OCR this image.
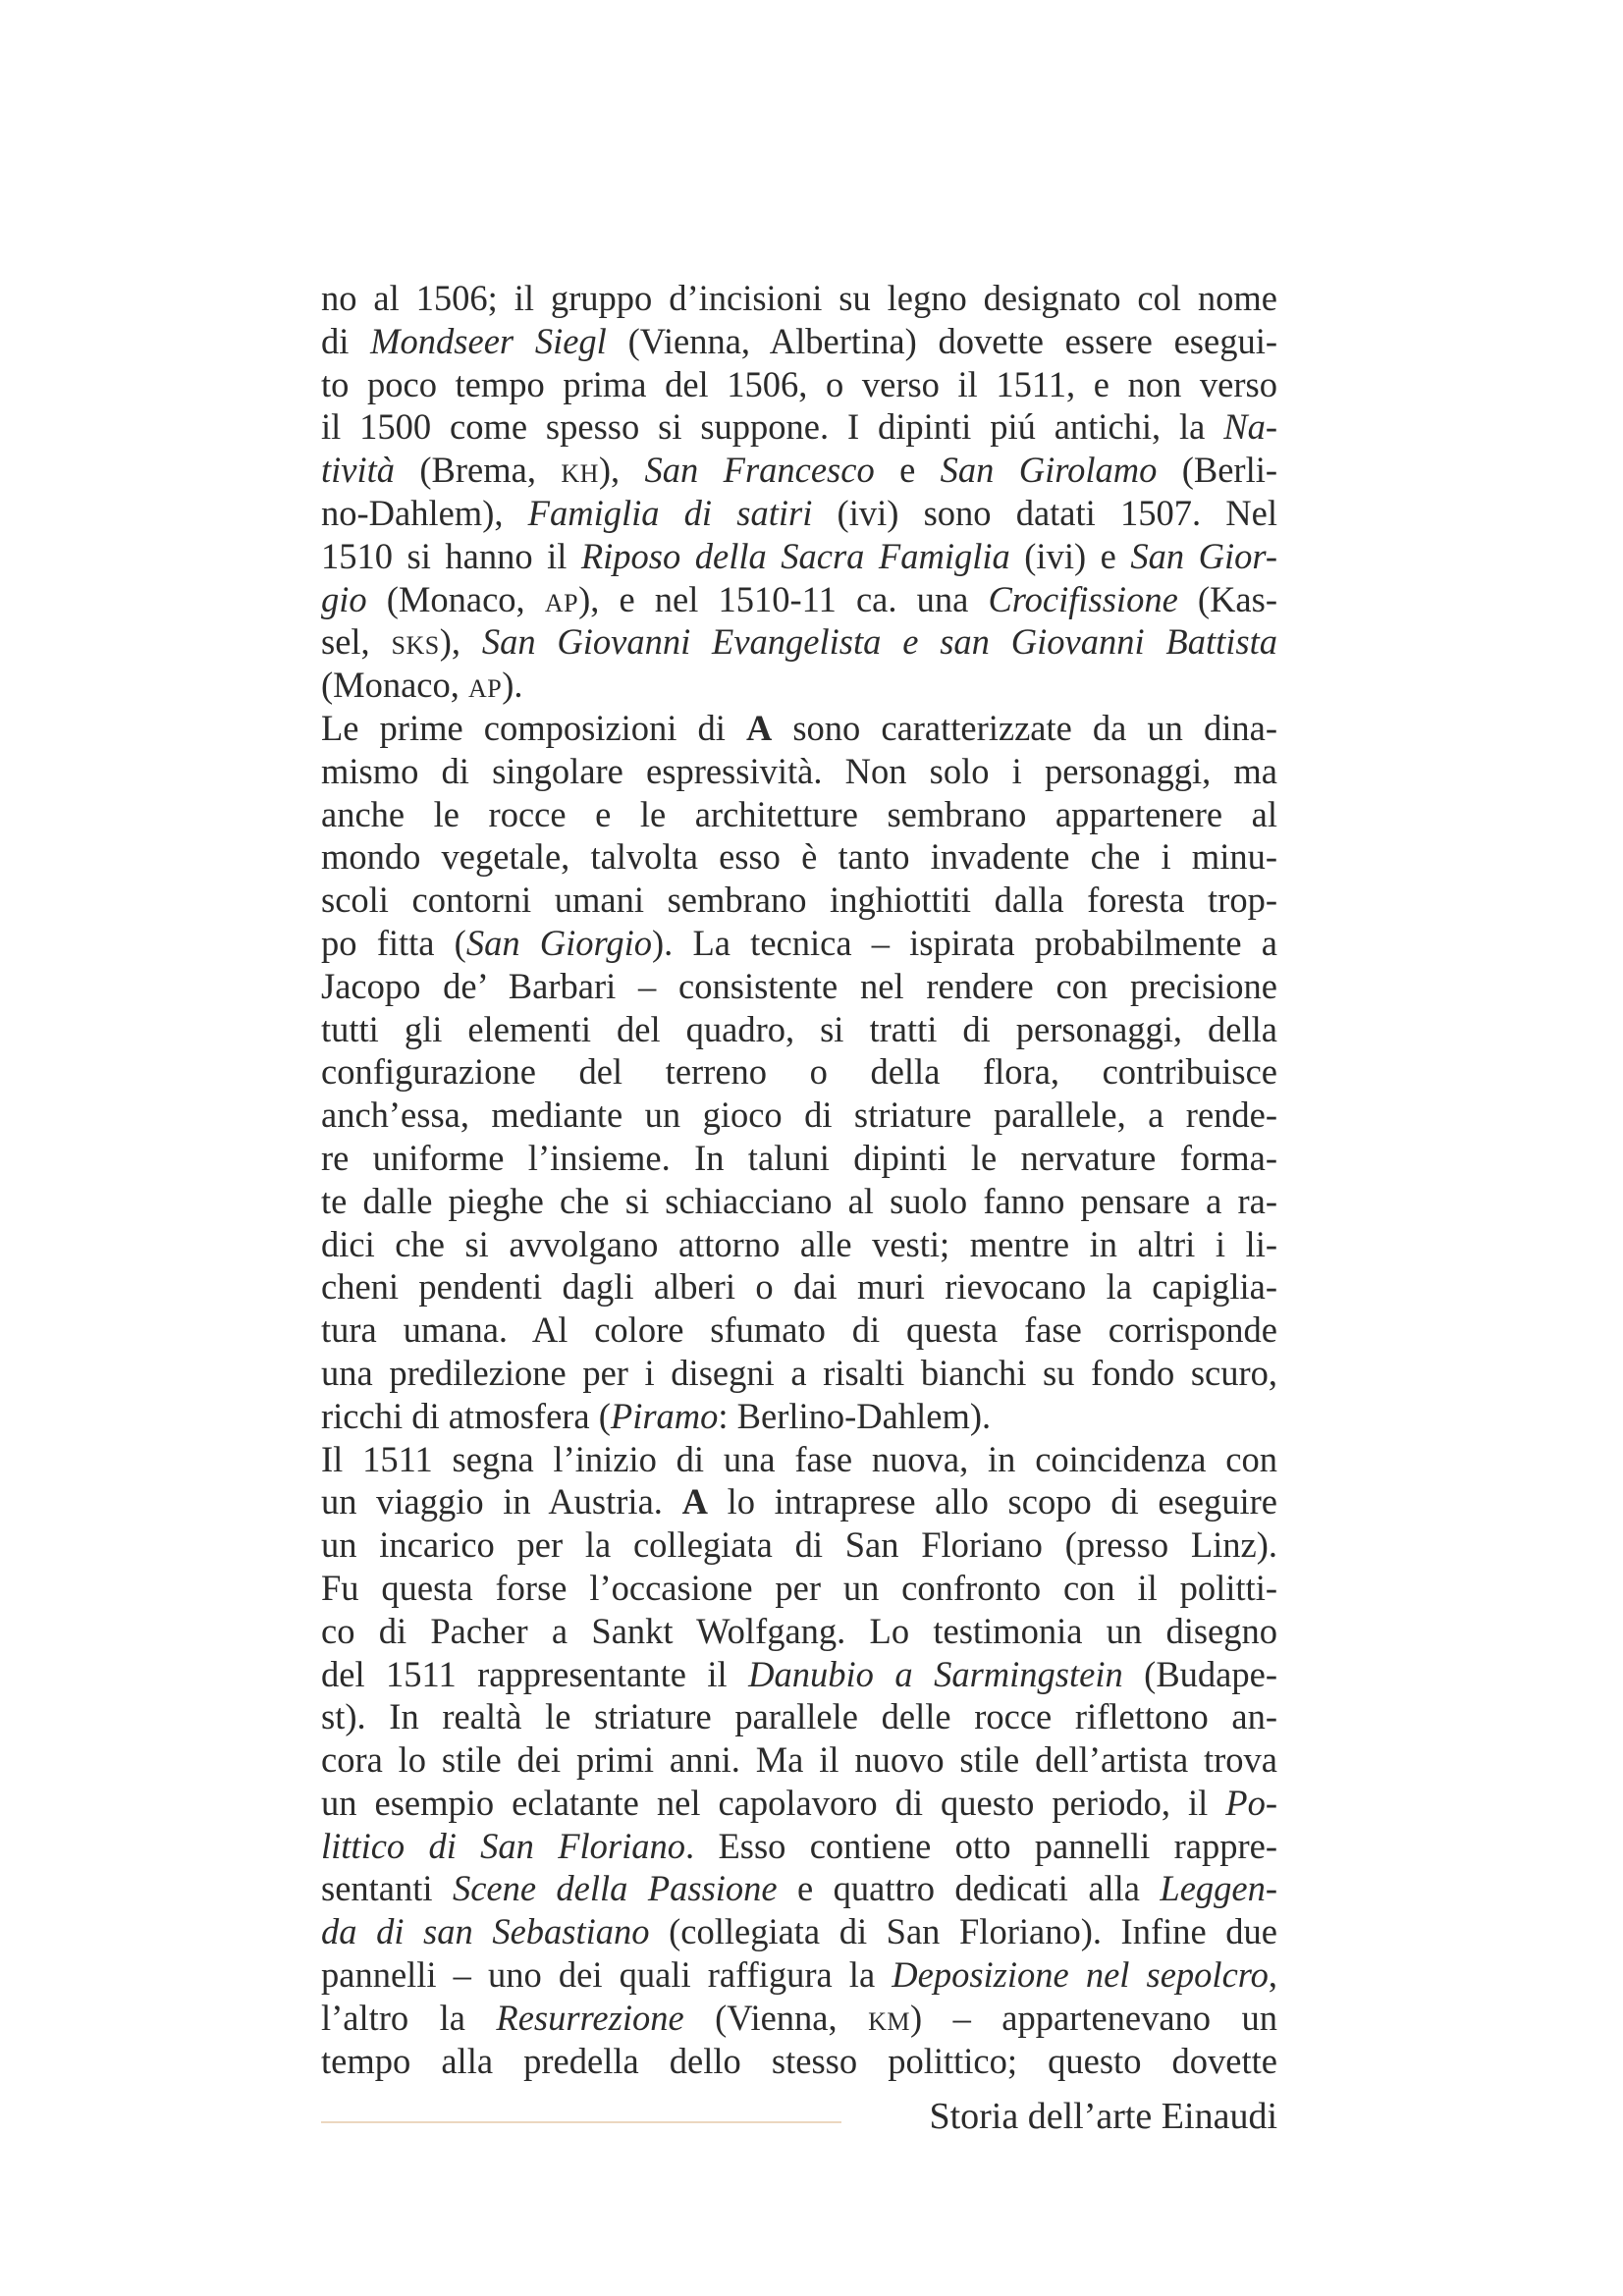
no al 1506; il gruppo d’incisioni su legno designato col nome
di Mondseer Siegl (Vienna, Albertina) dovette essere esegui-
to poco tempo prima del 1506, o verso il 1511, e non verso
il 1500 come spesso si suppone. I dipinti piú antichi, la Na-
tività (Brema, kh), San Francesco e San Girolamo (Berli-
no-Dahlem), Famiglia di satiri (ivi) sono datati 1507. Nel
1510 si hanno il Riposo della Sacra Famiglia (ivi) e San Gior-
gio (Monaco, ap), e nel 1510-11 ca. una Crocifissione (Kas-
sel, sks), San Giovanni Evangelista e san Giovanni Battista
(Monaco, ap).
Le prime composizioni di A sono caratterizzate da un dina-
mismo di singolare espressività. Non solo i personaggi, ma
anche le rocce e le architetture sembrano appartenere al
mondo vegetale, talvolta esso è tanto invadente che i minu-
scoli contorni umani sembrano inghiottiti dalla foresta trop-
po fitta (San Giorgio). La tecnica – ispirata probabilmente a
Jacopo de’ Barbari – consistente nel rendere con precisione
tutti gli elementi del quadro, si tratti di personaggi, della
configurazione del terreno o della flora, contribuisce
anch’essa, mediante un gioco di striature parallele, a rende-
re uniforme l’insieme. In taluni dipinti le nervature forma-
te dalle pieghe che si schiacciano al suolo fanno pensare a ra-
dici che si avvolgano attorno alle vesti; mentre in altri i li-
cheni pendenti dagli alberi o dai muri rievocano la capiglia-
tura umana. Al colore sfumato di questa fase corrisponde
una predilezione per i disegni a risalti bianchi su fondo scuro,
ricchi di atmosfera (Piramo: Berlino-Dahlem).
Il 1511 segna l’inizio di una fase nuova, in coincidenza con
un viaggio in Austria. A lo intraprese allo scopo di eseguire
un incarico per la collegiata di San Floriano (presso Linz).
Fu questa forse l’occasione per un confronto con il politti-
co di Pacher a Sankt Wolfgang. Lo testimonia un disegno
del 1511 rappresentante il Danubio a Sarmingstein (Budape-
st). In realtà le striature parallele delle rocce riflettono an-
cora lo stile dei primi anni. Ma il nuovo stile dell’artista trova
un esempio eclatante nel capolavoro di questo periodo, il Po-
littico di San Floriano. Esso contiene otto pannelli rappre-
sentanti Scene della Passione e quattro dedicati alla Leggen-
da di san Sebastiano (collegiata di San Floriano). Infine due
pannelli – uno dei quali raffigura la Deposizione nel sepolcro,
l’altro la Resurrezione (Vienna, km) – appartenevano un
tempo alla predella dello stesso polittico; questo dovette
Storia dell’arte Einaudi
